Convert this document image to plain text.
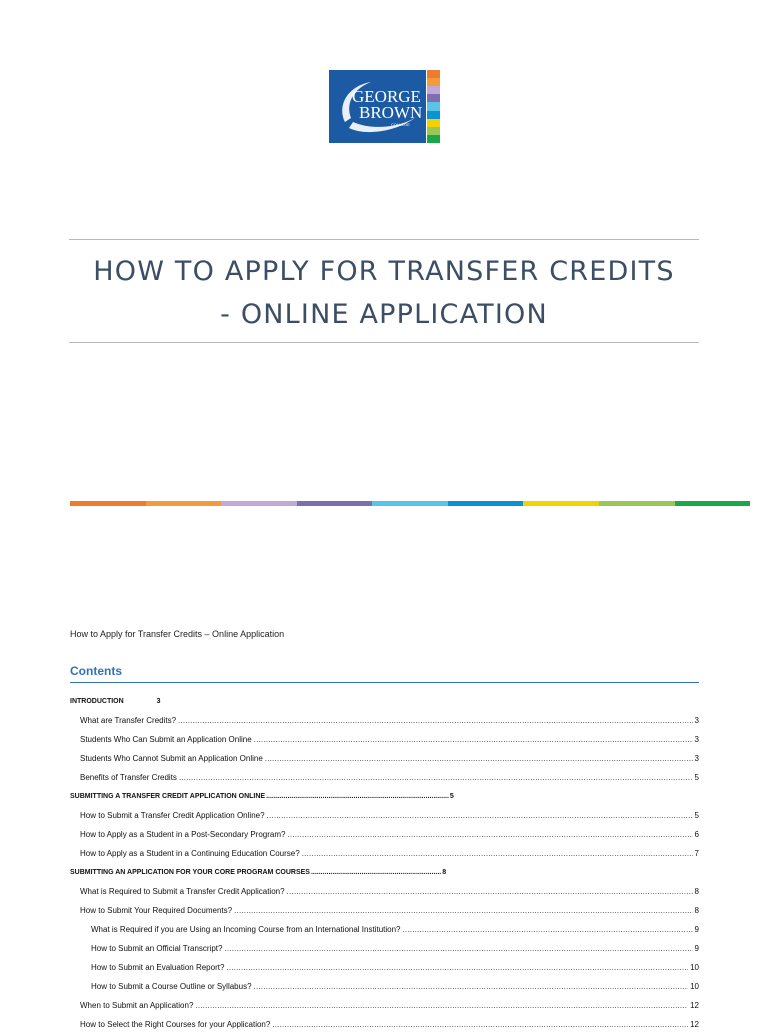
GEORGE
BROWN
COLLEGE
HOW TO APPLY FOR TRANSFER CREDITS
- ONLINE APPLICATION
How to Apply for Transfer Credits – Online Application
Contents
INTRODUCTION	3
What are Transfer Credits? .....	3
Students Who Can Submit an Application Online .....	3
Students Who Cannot Submit an Application Online .....	3
Benefits of Transfer Credits .....	5
SUBMITTING A TRANSFER CREDIT APPLICATION ONLINE .............................................................................................. 5
How to Submit a Transfer Credit Application Online? .....	5
How to Apply as a Student in a Post-Secondary Program? .....	6
How to Apply as a Student in a Continuing Education Course? .....	7
SUBMITTING AN APPLICATION FOR YOUR CORE PROGRAM COURSES ................................................................... 8
What is Required to Submit a Transfer Credit Application? .....	8
How to Submit Your Required Documents? .....	8
What is Required if you are Using an Incoming Course from an International Institution? .....	9
How to Submit an Official Transcript? .....	9
How to Submit an Evaluation Report? .....	10
How to Submit a Course Outline or Syllabus? .....	10
When to Submit an Application? .....	12
How to Select the Right Courses for your Application? .....	12
